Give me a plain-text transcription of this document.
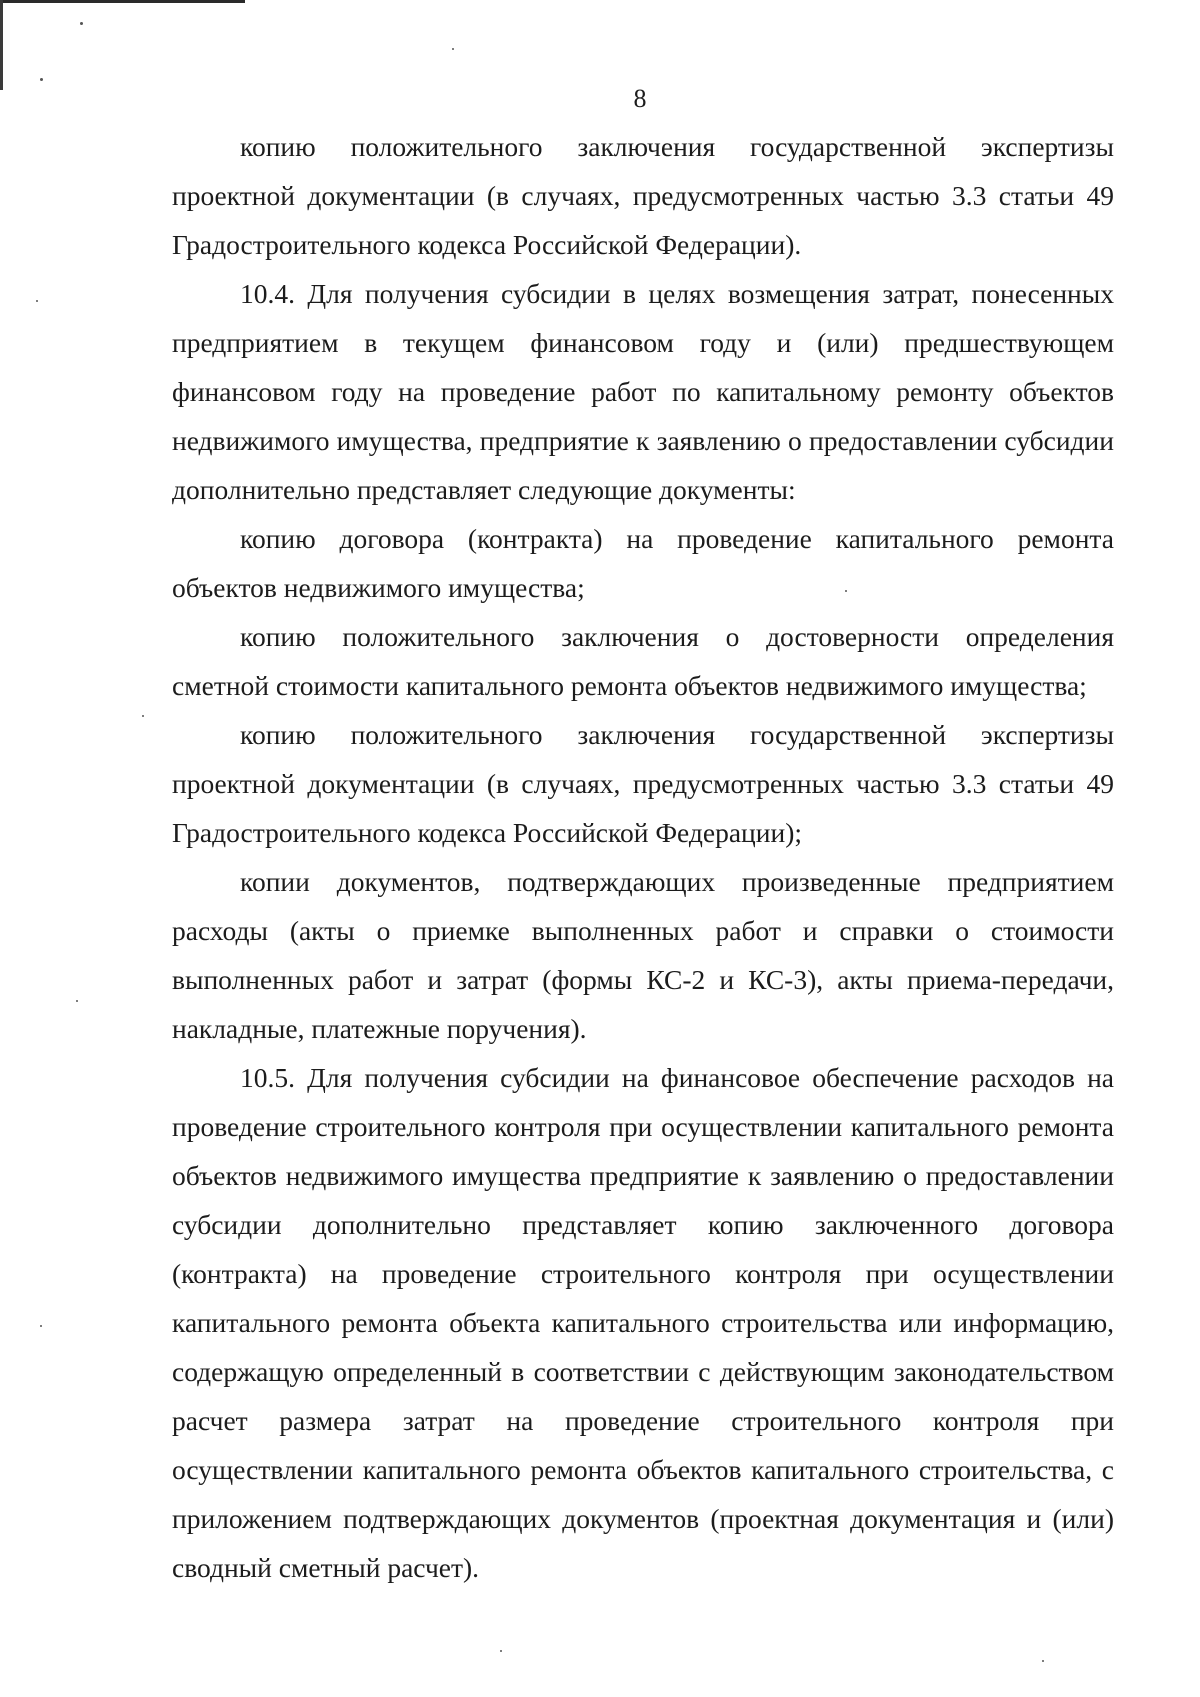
8

копию положительного заключения государственной экспертизы проектной документации (в случаях, предусмотренных частью 3.3 статьи 49 Градостроительного кодекса Российской Федерации).

10.4. Для получения субсидии в целях возмещения затрат, понесенных предприятием в текущем финансовом году и (или) предшествующем финансовом году на проведение работ по капитальному ремонту объектов недвижимого имущества, предприятие к заявлению о предоставлении субсидии дополнительно представляет следующие документы:

копию договора (контракта) на проведение капитального ремонта объектов недвижимого имущества;

копию положительного заключения о достоверности определения сметной стоимости капитального ремонта объектов недвижимого имущества;

копию положительного заключения государственной экспертизы проектной документации (в случаях, предусмотренных частью 3.3 статьи 49 Градостроительного кодекса Российской Федерации);

копии документов, подтверждающих произведенные предприятием расходы (акты о приемке выполненных работ и справки о стоимости выполненных работ и затрат (формы КС-2 и КС-3), акты приема-передачи, накладные, платежные поручения).

10.5. Для получения субсидии на финансовое обеспечение расходов на проведение строительного контроля при осуществлении капитального ремонта объектов недвижимого имущества предприятие к заявлению о предоставлении субсидии дополнительно представляет копию заключенного договора (контракта) на проведение строительного контроля при осуществлении капитального ремонта объекта капитального строительства или информацию, содержащую определенный в соответствии с действующим законодательством расчет размера затрат на проведение строительного контроля при осуществлении капитального ремонта объектов капитального строительства, с приложением подтверждающих документов (проектная документация и (или) сводный сметный расчет).
